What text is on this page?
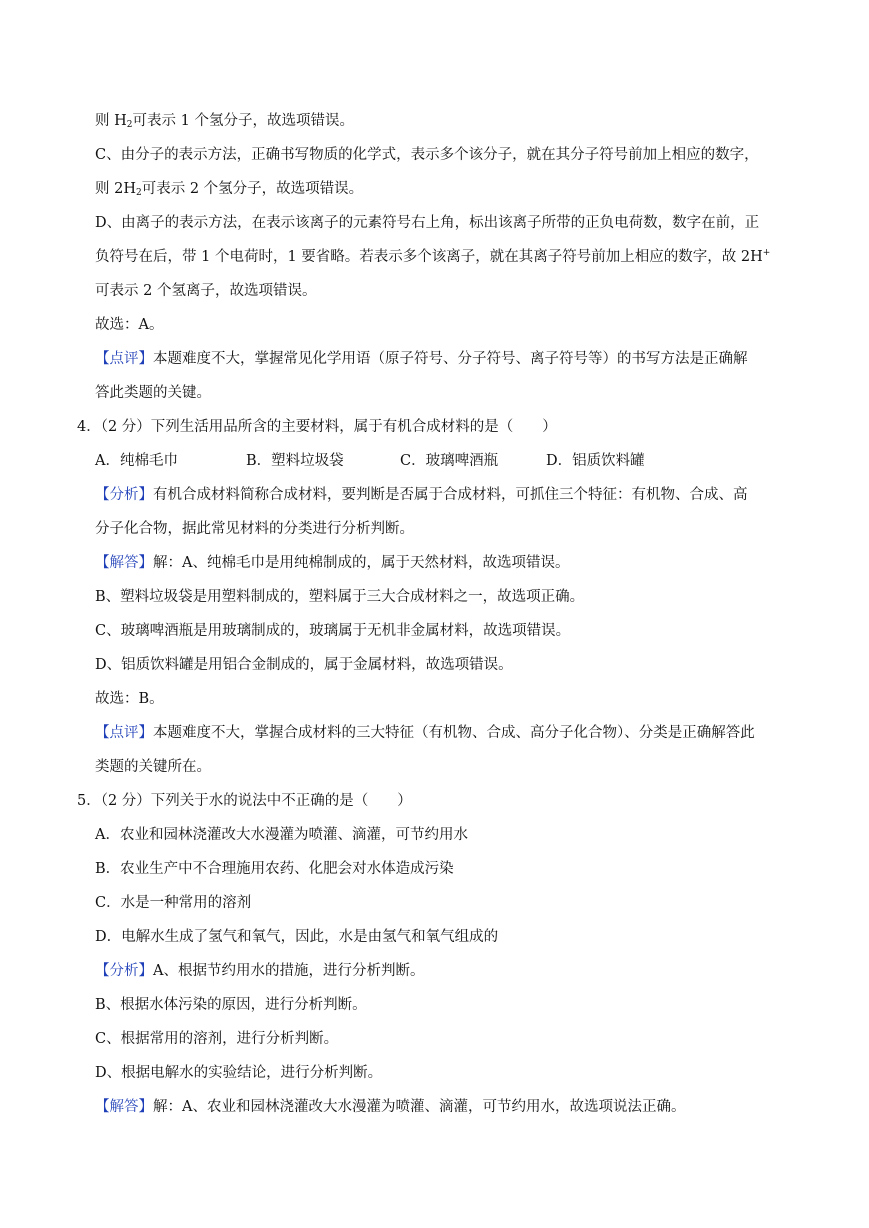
则 $H_2$可表示 1 个氢分子，故选项错误。
C、由分子的表示方法，正确书写物质的化学式，表示多个该分子，就在其分子符号前加上相应的数字，
则 $2H_2$可表示 2 个氢分子，故选项错误。
D、由离子的表示方法，在表示该离子的元素符号右上角，标出该离子所带的正负电荷数，数字在前，正
负符号在后，带 1 个电荷时，1 要省略。若表示多个该离子，就在其离子符号前加上相应的数字，故 2H+
可表示 2 个氢离子，故选项错误。
故选：A。
【点评】本题难度不大，掌握常见化学用语（原子符号、分子符号、离子符号等）的书写方法是正确解
答此类题的关键。
4．（2 分）下列生活用品所含的主要材料，属于有机合成材料的是（　　）
A．纯棉毛巾	B．塑料垃圾袋	C．玻璃啤酒瓶	D．铝质饮料罐
【分析】有机合成材料简称合成材料，要判断是否属于合成材料，可抓住三个特征：有机物、合成、高
分子化合物，据此常见材料的分类进行分析判断。
【解答】解：A、纯棉毛巾是用纯棉制成的，属于天然材料，故选项错误。
B、塑料垃圾袋是用塑料制成的，塑料属于三大合成材料之一，故选项正确。
C、玻璃啤酒瓶是用玻璃制成的，玻璃属于无机非金属材料，故选项错误。
D、铝质饮料罐是用铝合金制成的，属于金属材料，故选项错误。
故选：B。
【点评】本题难度不大，掌握合成材料的三大特征（有机物、合成、高分子化合物）、分类是正确解答此
类题的关键所在。
5．（2 分）下列关于水的说法中不正确的是（　　）
A．农业和园林浇灌改大水漫灌为喷灌、滴灌，可节约用水
B．农业生产中不合理施用农药、化肥会对水体造成污染
C．水是一种常用的溶剂
D．电解水生成了氢气和氧气，因此，水是由氢气和氧气组成的
【分析】A、根据节约用水的措施，进行分析判断。
B、根据水体污染的原因，进行分析判断。
C、根据常用的溶剂，进行分析判断。
D、根据电解水的实验结论，进行分析判断。
【解答】解：A、农业和园林浇灌改大水漫灌为喷灌、滴灌，可节约用水，故选项说法正确。
